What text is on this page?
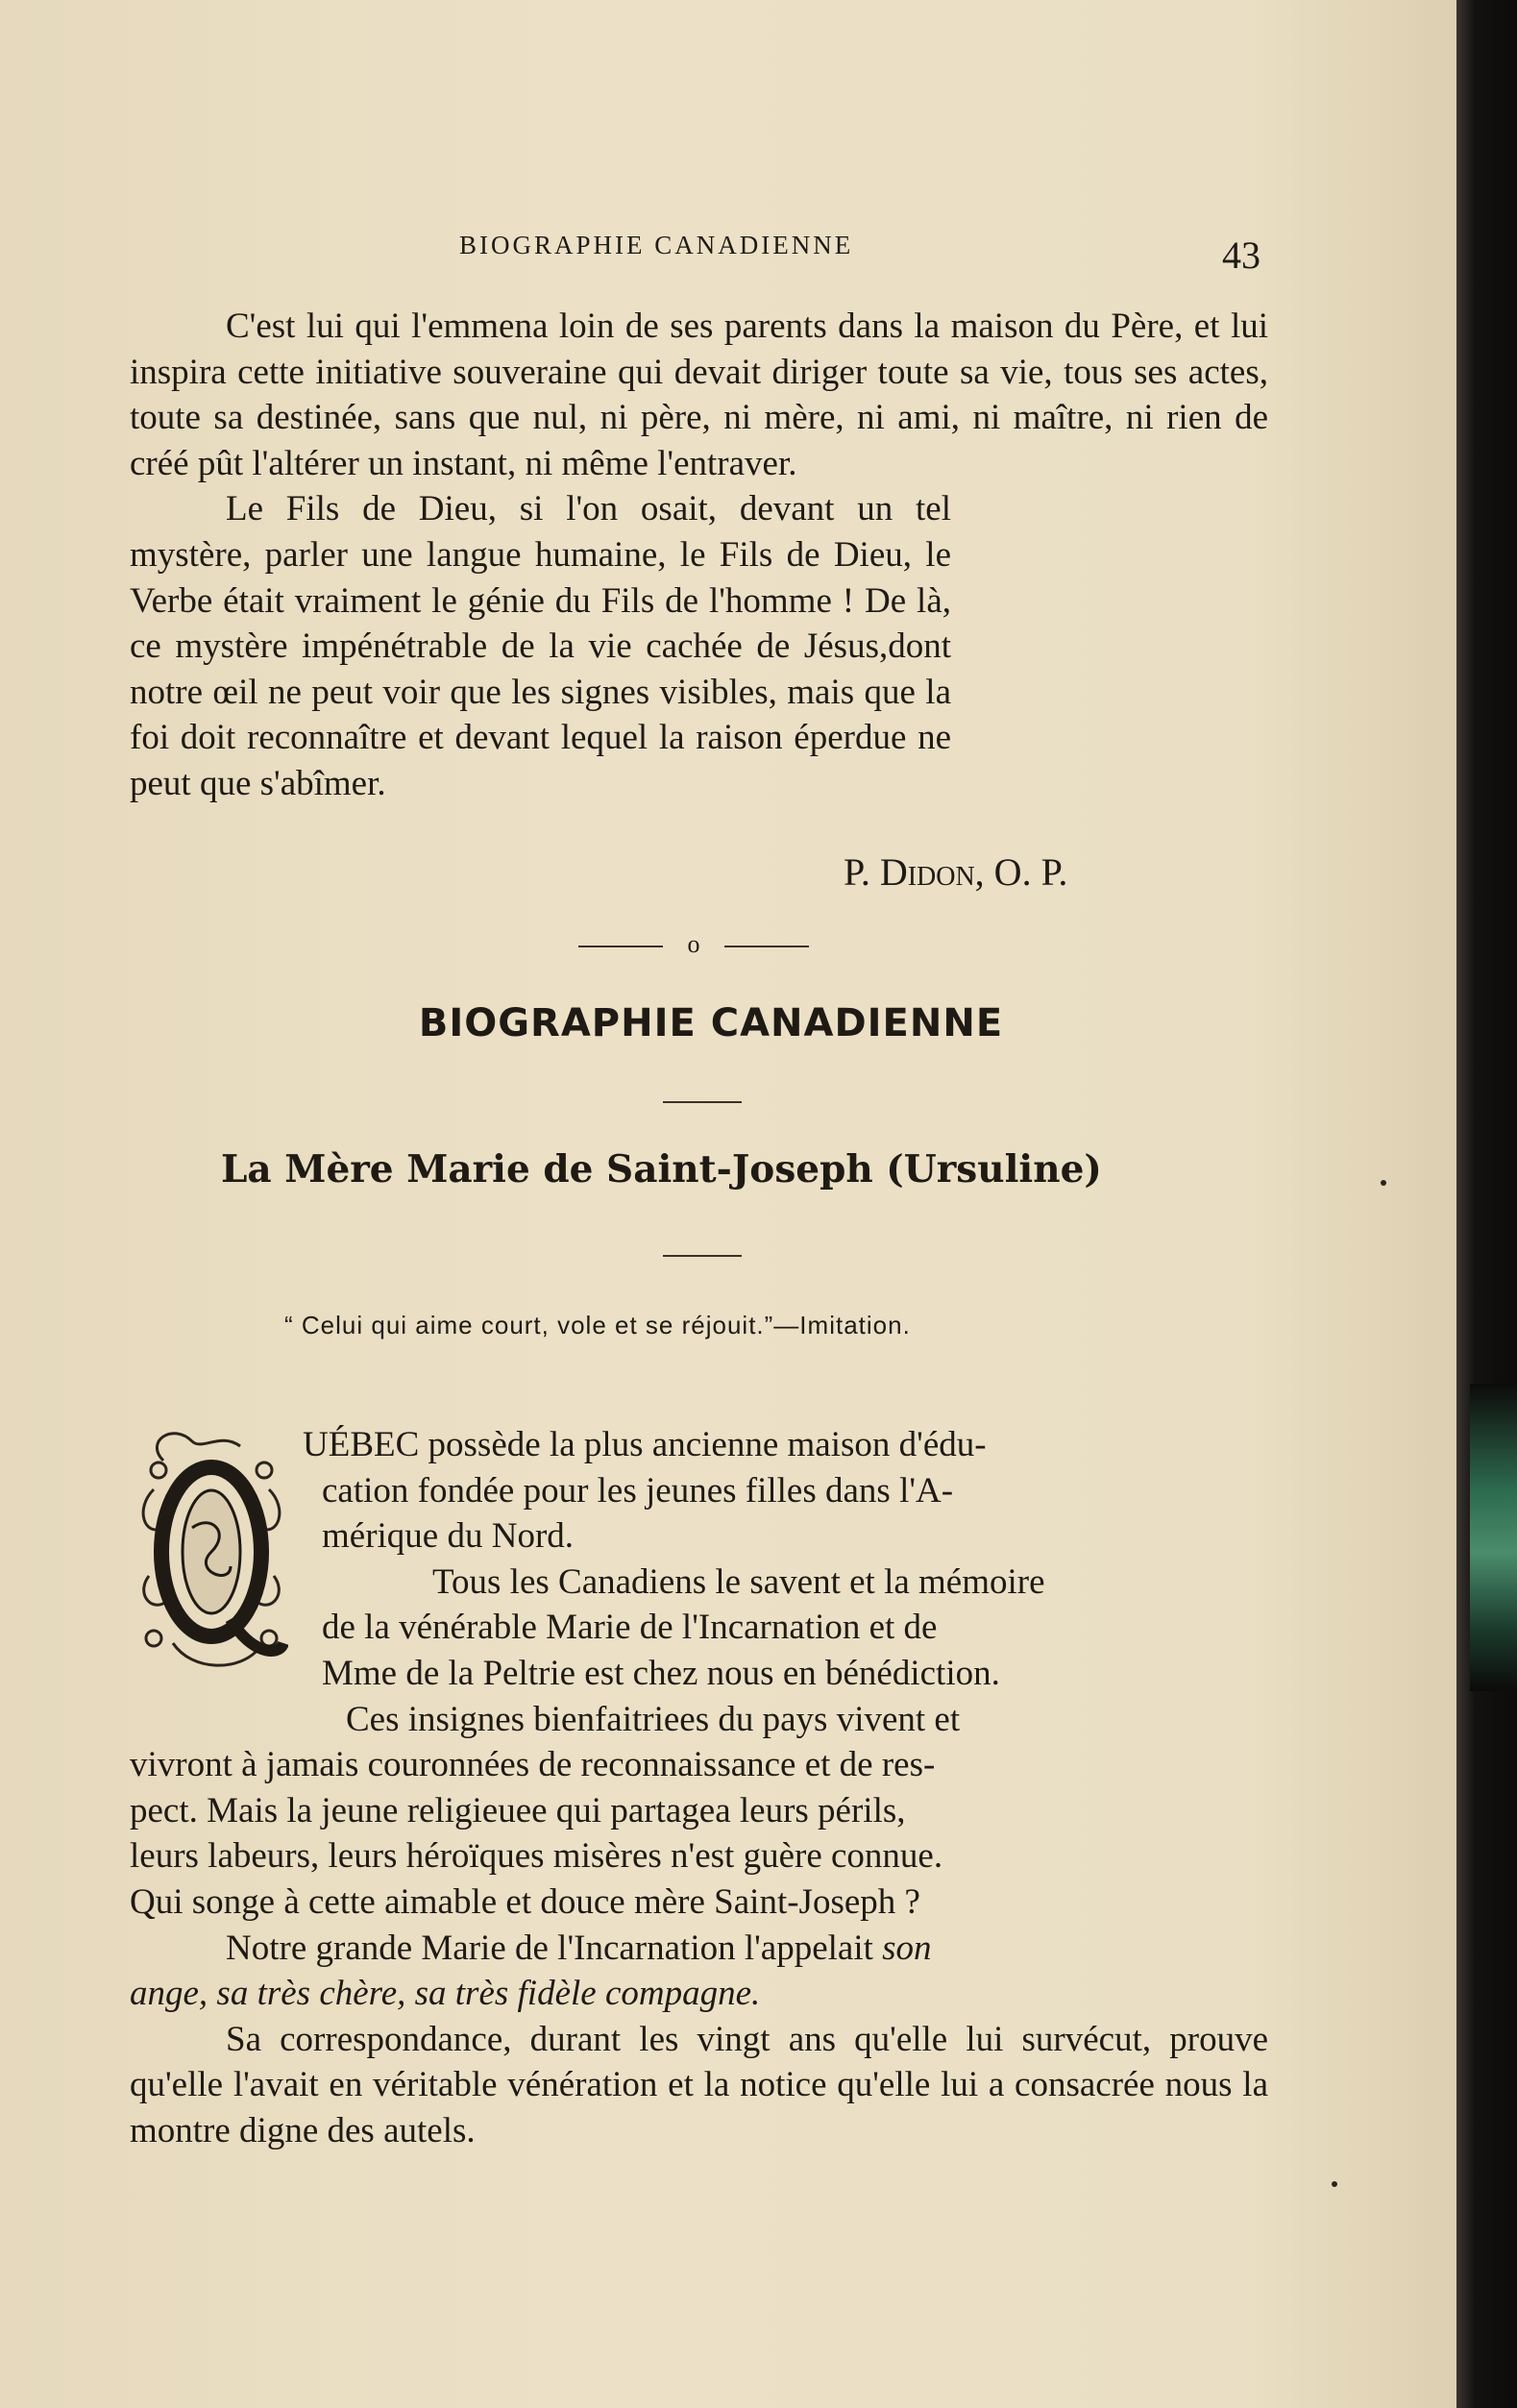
BIOGRAPHIE CANADIENNE	43

C'est lui qui l'emmena loin de ses parents dans la maison du Père, et lui inspira cette initiative souveraine qui devait diriger toute sa vie, tous ses actes, toute sa destinée, sans que nul, ni père, ni mère, ni ami, ni maître, ni rien de créé pût l'altérer un instant, ni même l'entraver.

Le Fils de Dieu, si l'on osait, devant un tel mystère, parler une langue humaine, le Fils de Dieu, le Verbe était vraiment le génie du Fils de l'homme ! De là, ce mystère impénétrable de la vie cachée de Jésus,dont notre œil ne peut voir que les signes visibles, mais que la foi doit reconnaître et devant lequel la raison éperdue ne peut que s'abîmer.

P. Didon, O. P.
o
BIOGRAPHIE CANADIENNE
La Mère Marie de Saint-Joseph (Ursuline)
“ Celui qui aime court, vole et se réjouit.”—Imitation.
Q
UÉBEC possède la plus ancienne maison d'édu-
cation fondée pour les jeunes filles dans l'A-
mérique du Nord.
Tous les Canadiens le savent et la mémoire
de la vénérable Marie de l'Incarnation et de
Mme de la Peltrie est chez nous en bénédiction.
Ces insignes bienfaitriees du pays vivent et
vivront à jamais couronnées de reconnaissance et de res-
pect. Mais la jeune religieuee qui partagea leurs périls,
leurs labeurs, leurs héroïques misères n'est guère connue.
Qui songe à cette aimable et douce mère Saint-Joseph ?
Notre grande Marie de l'Incarnation l'appelait son
ange, sa très chère, sa très fidèle compagne.

Sa correspondance, durant les vingt ans qu'elle lui survécut, prouve qu'elle l'avait en véritable vénération et la notice qu'elle lui a consacrée nous la montre digne des autels.
